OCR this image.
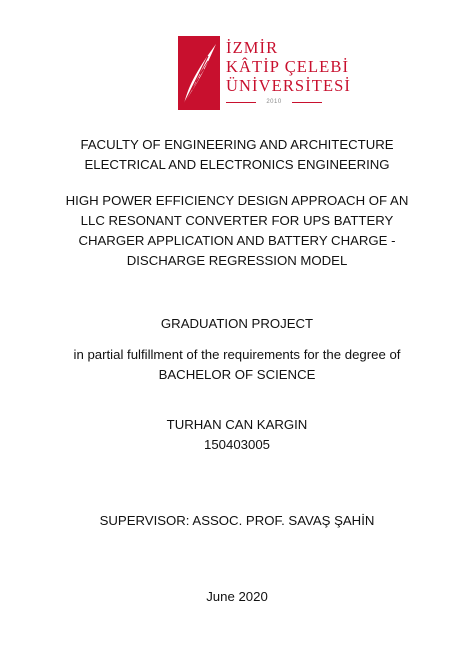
İZMİR
KÂTİP ÇELEBİ
ÜNİVERSİTESİ
2010
FACULTY OF ENGINEERING AND ARCHITECTURE
ELECTRICAL AND ELECTRONICS ENGINEERING
HIGH POWER EFFICIENCY DESIGN APPROACH OF AN
LLC RESONANT CONVERTER FOR UPS BATTERY
CHARGER APPLICATION AND BATTERY CHARGE -
DISCHARGE REGRESSION MODEL
GRADUATION PROJECT
in partial fulfillment of the requirements for the degree of
BACHELOR OF SCIENCE
TURHAN CAN KARGIN
150403005
SUPERVISOR: ASSOC. PROF. SAVAŞ ŞAHİN
June 2020
